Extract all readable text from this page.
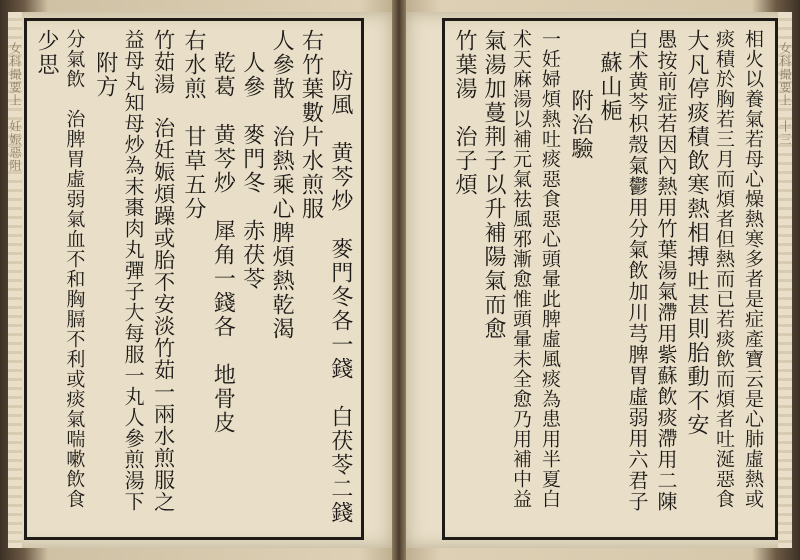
女科撮要上　妊娠惡阻	防風　黄芩炒　麥門冬各一錢　白茯苓二錢
右竹葉數片水煎服
人參散　治熱乘心脾煩熱乾渴
人參　麥門冬　赤茯苓
乾葛　黄芩炒　犀角一錢各　地骨皮
右水煎　甘草五分
竹茹湯　治妊娠煩躁或胎不安淡竹茹一兩水煎服之
益母丸知母炒為末棗肉丸彈子大每服一丸人參煎湯下
附方
分氣飲　治脾胃虛弱氣血不和胸膈不利或痰氣喘嗽飲食
少思	女科撮要上　十三
相火以養氣若母心燥熱寒多者是症產寶云是心肺虛熱或
痰積於胸若三月而煩者但熱而已若痰飲而煩者吐涎惡食
大凡停痰積飲寒熱相搏吐甚則胎動不安
愚按前症若因內熱用竹葉湯氣滯用紫蘇飲痰滯用二陳
白术黄芩枳殼氣鬱用分氣飲加川芎脾胃虛弱用六君子
蘇山梔
附治驗
一妊婦煩熱吐痰惡食惡心頭暈此脾虛風痰為患用半夏白
术天麻湯以補元氣祛風邪漸愈惟頭暈未全愈乃用補中益
氣湯加蔓荆子以升補陽氣而愈
竹葉湯　治子煩
